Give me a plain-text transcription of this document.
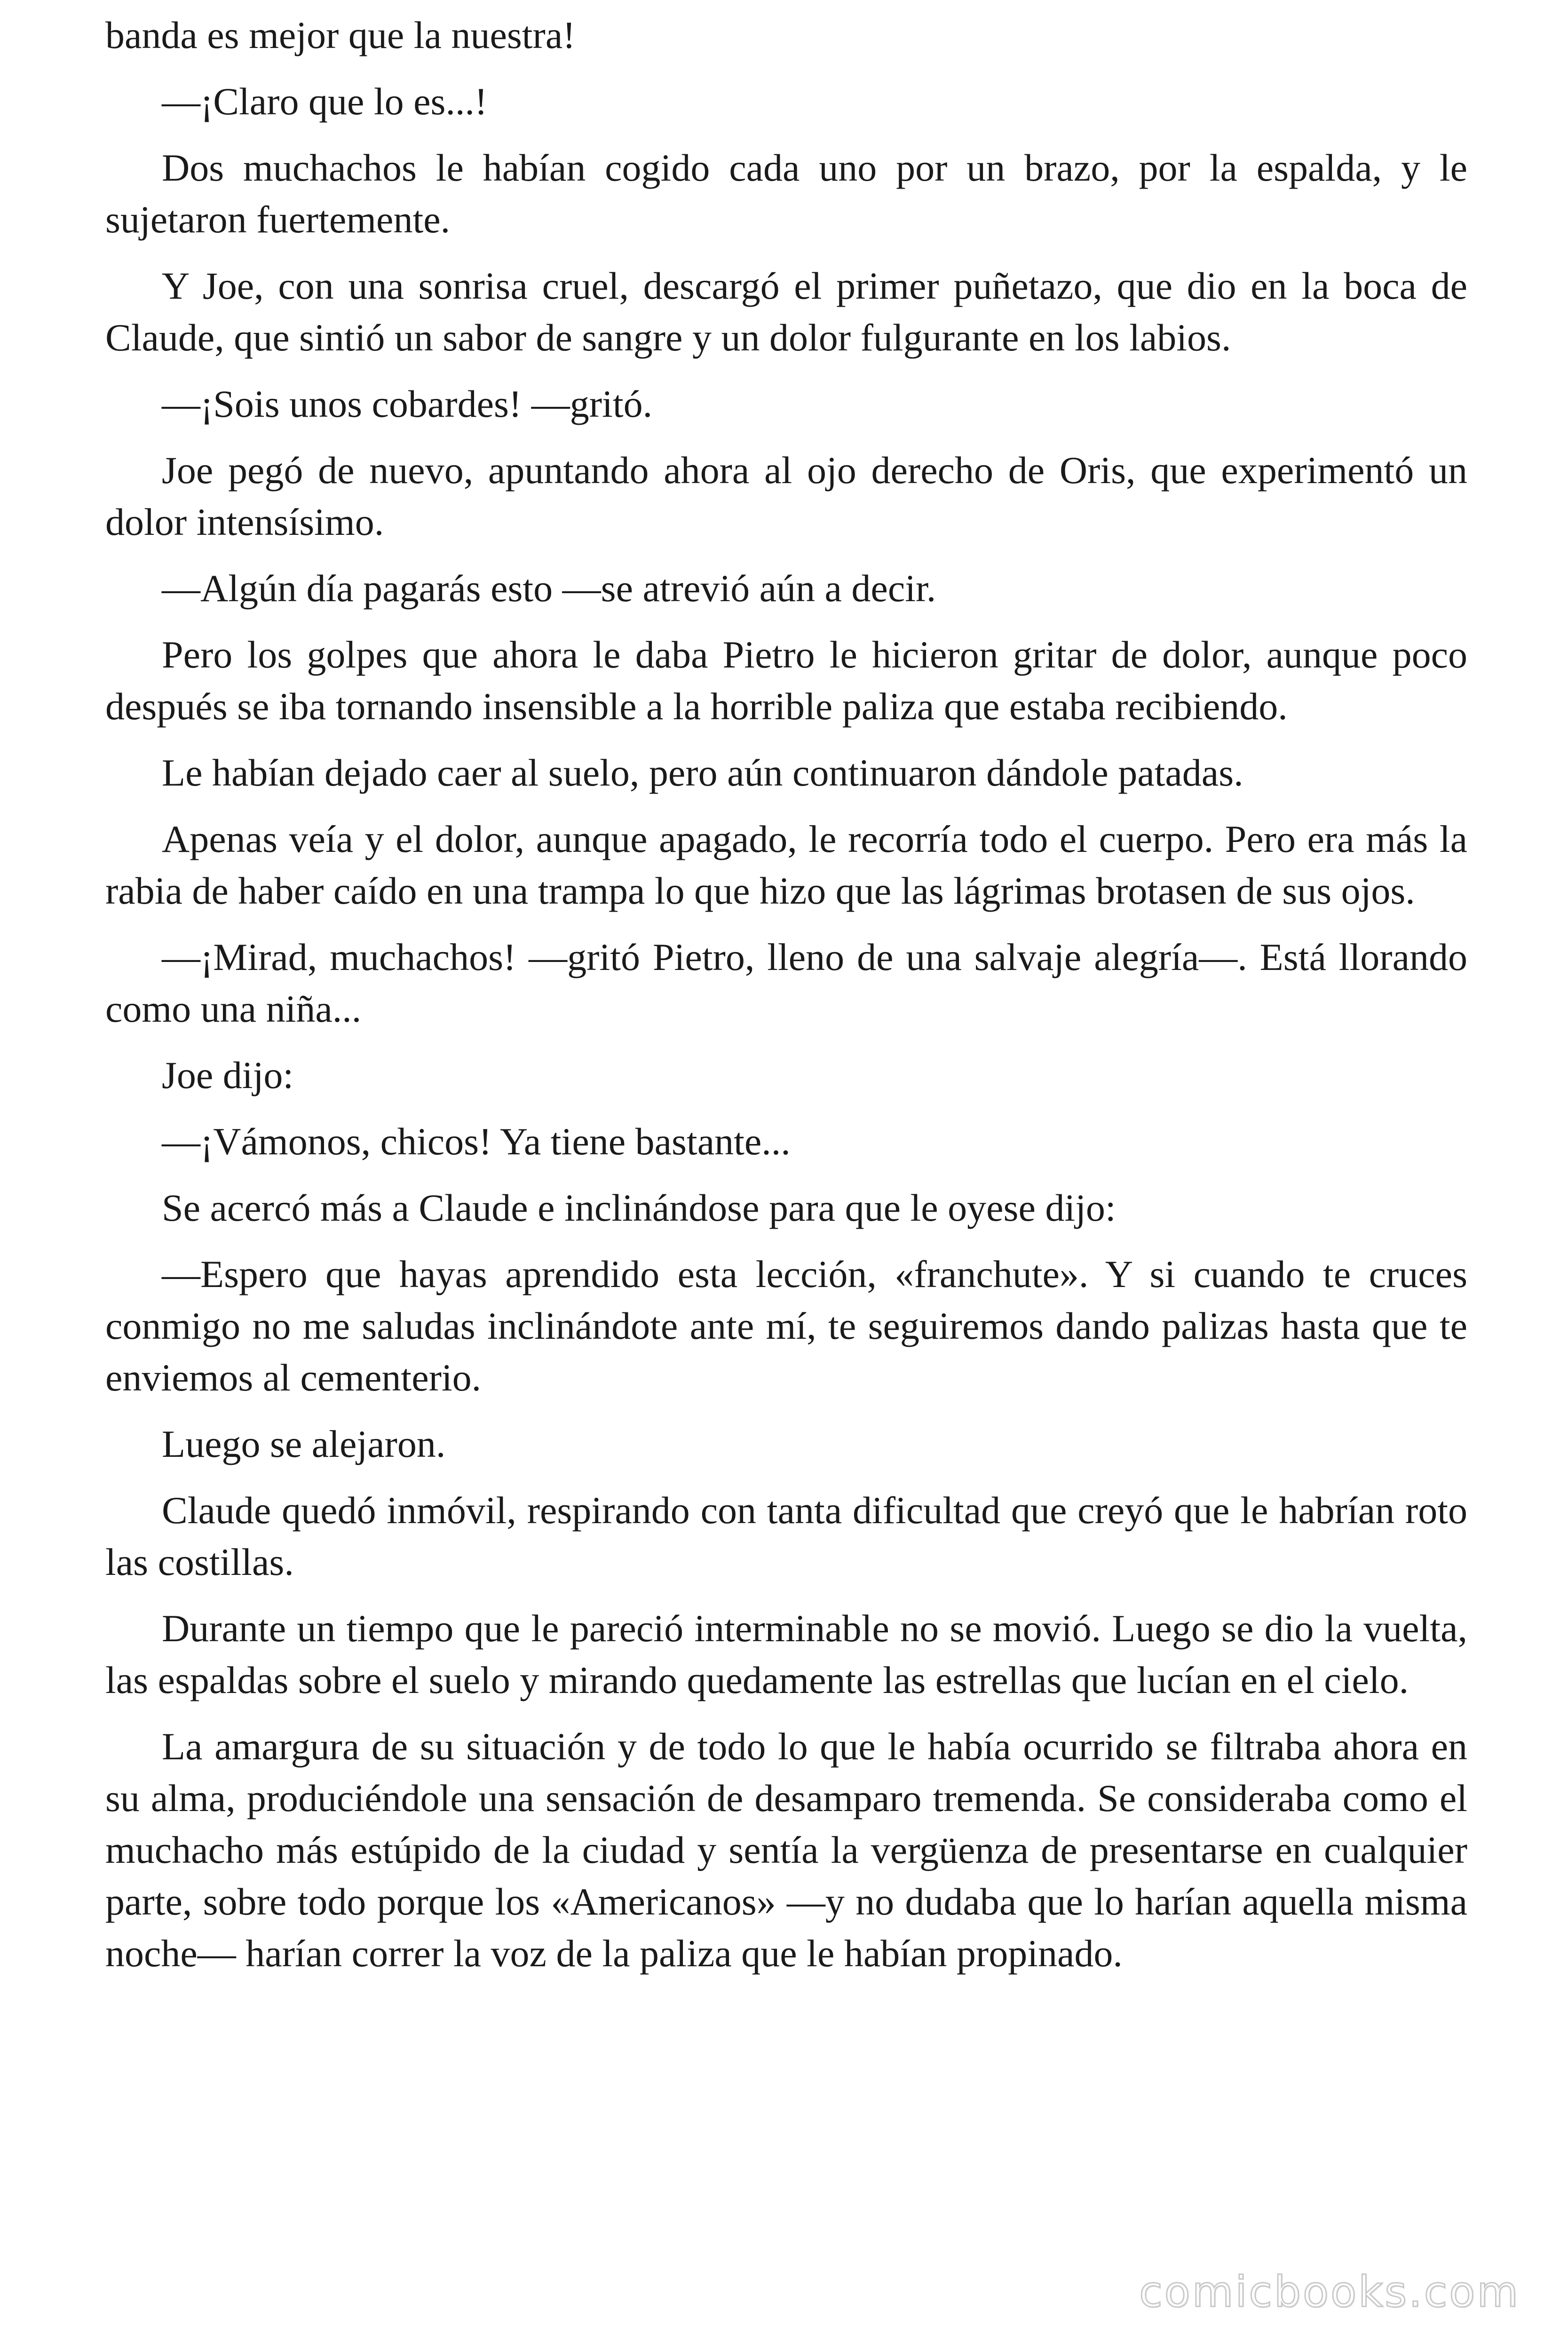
banda es mejor que la nuestra!

—¡Claro que lo es...!

Dos muchachos le habían cogido cada uno por un brazo, por la espalda, y le sujetaron fuertemente.

Y Joe, con una sonrisa cruel, descargó el primer puñetazo, que dio en la boca de Claude, que sintió un sabor de sangre y un dolor fulgurante en los labios.

—¡Sois unos cobardes! —gritó.

Joe pegó de nuevo, apuntando ahora al ojo derecho de Oris, que experimentó un dolor intensísimo.

—Algún día pagarás esto —se atrevió aún a decir.

Pero los golpes que ahora le daba Pietro le hicieron gritar de dolor, aunque poco después se iba tornando insensible a la horrible paliza que estaba recibiendo.

Le habían dejado caer al suelo, pero aún continuaron dándole patadas.

Apenas veía y el dolor, aunque apagado, le recorría todo el cuerpo. Pero era más la rabia de haber caído en una trampa lo que hizo que las lágrimas brotasen de sus ojos.

—¡Mirad, muchachos! —gritó Pietro, lleno de una salvaje alegría—. Está llorando como una niña...

Joe dijo:

—¡Vámonos, chicos! Ya tiene bastante...

Se acercó más a Claude e inclinándose para que le oyese dijo:

—Espero que hayas aprendido esta lección, «franchute». Y si cuando te cruces conmigo no me saludas inclinándote ante mí, te seguiremos dando palizas hasta que te enviemos al cementerio.

Luego se alejaron.

Claude quedó inmóvil, respirando con tanta dificultad que creyó que le habrían roto las costillas.

Durante un tiempo que le pareció interminable no se movió. Luego se dio la vuelta, las espaldas sobre el suelo y mirando quedamente las estrellas que lucían en el cielo.

La amargura de su situación y de todo lo que le había ocurrido se filtraba ahora en su alma, produciéndole una sensación de desamparo tremenda. Se consideraba como el muchacho más estúpido de la ciudad y sentía la vergüenza de presentarse en cualquier parte, sobre todo porque los «Americanos» —y no dudaba que lo harían aquella misma noche— harían correr la voz de la paliza que le habían propinado.

comicbooks.com
